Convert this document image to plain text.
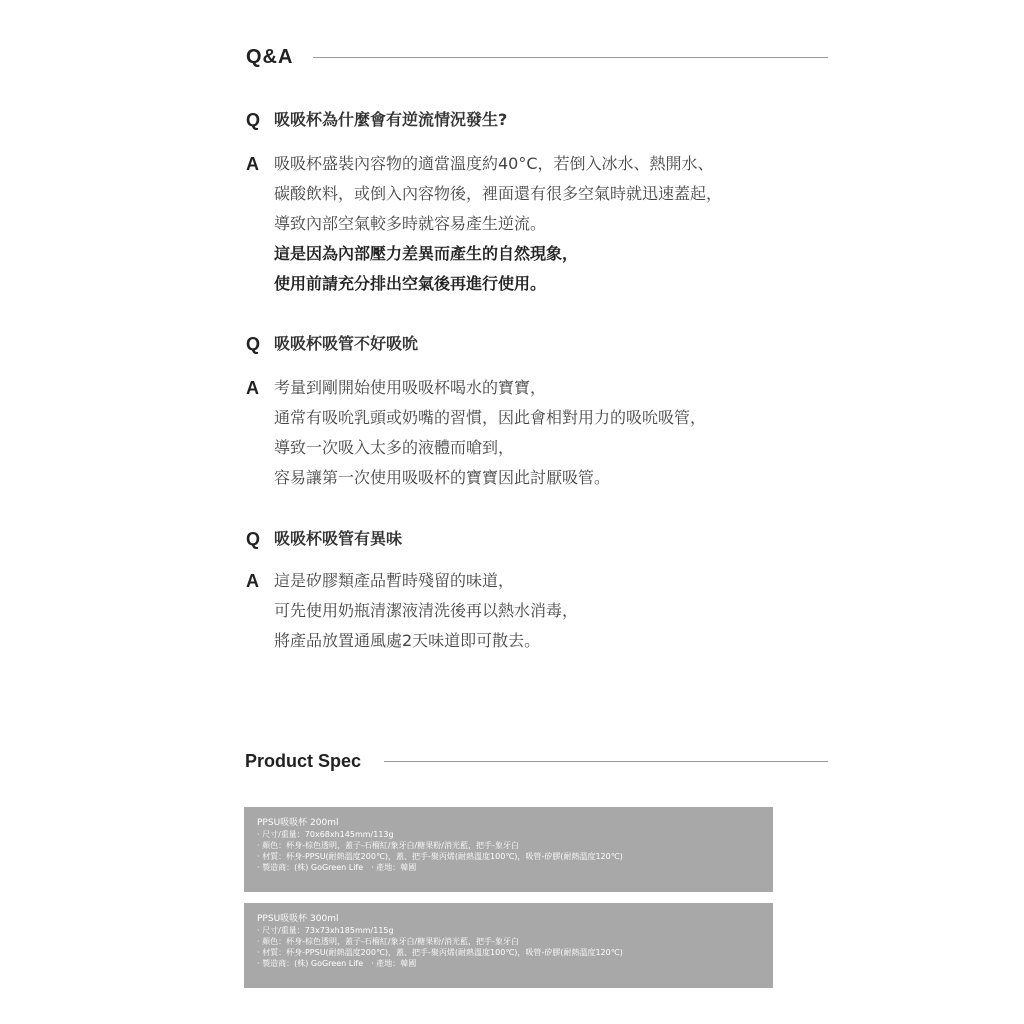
Q&A
Q 吸吸杯為什麼會有逆流情況發生?
A 吸吸杯盛裝內容物的適當溫度約40°C，若倒入冰水、熱開水、
碳酸飲料，或倒入內容物後，裡面還有很多空氣時就迅速蓋起，
導致內部空氣較多時就容易產生逆流。
這是因為內部壓力差異而產生的自然現象，
使用前請充分排出空氣後再進行使用。
Q 吸吸杯吸管不好吸吮
A 考量到剛開始使用吸吸杯喝水的寶寶，
通常有吸吮乳頭或奶嘴的習慣，因此會相對用力的吸吮吸管，
導致一次吸入太多的液體而嗆到，
容易讓第一次使用吸吸杯的寶寶因此討厭吸管。
Q 吸吸杯吸管有異味
A 這是矽膠類產品暫時殘留的味道，
可先使用奶瓶清潔液清洗後再以熱水消毒，
將產品放置通風處2天味道即可散去。
Product Spec
PPSU吸吸杯 200ml
· 尺寸/重量：70x68xh145mm/113g
· 顏色：杯身-棕色透明，蓋子-石榴紅/象牙白/糖果粉/消光藍，把手-象牙白
· 材質：杯身-PPSU(耐熱溫度200℃)，蓋、把手-聚丙烯(耐熱溫度100℃)，吸管-矽膠(耐熱溫度120℃)
· 製造商：(株) GoGreen Life　· 產地：韓國
PPSU吸吸杯 300ml
· 尺寸/重量：73x73xh185mm/115g
· 顏色：杯身-棕色透明，蓋子-石榴紅/象牙白/糖果粉/消光藍，把手-象牙白
· 材質：杯身-PPSU(耐熱溫度200℃)，蓋、把手-聚丙烯(耐熱溫度100℃)，吸管-矽膠(耐熱溫度120℃)
· 製造商：(株) GoGreen Life　· 產地：韓國
